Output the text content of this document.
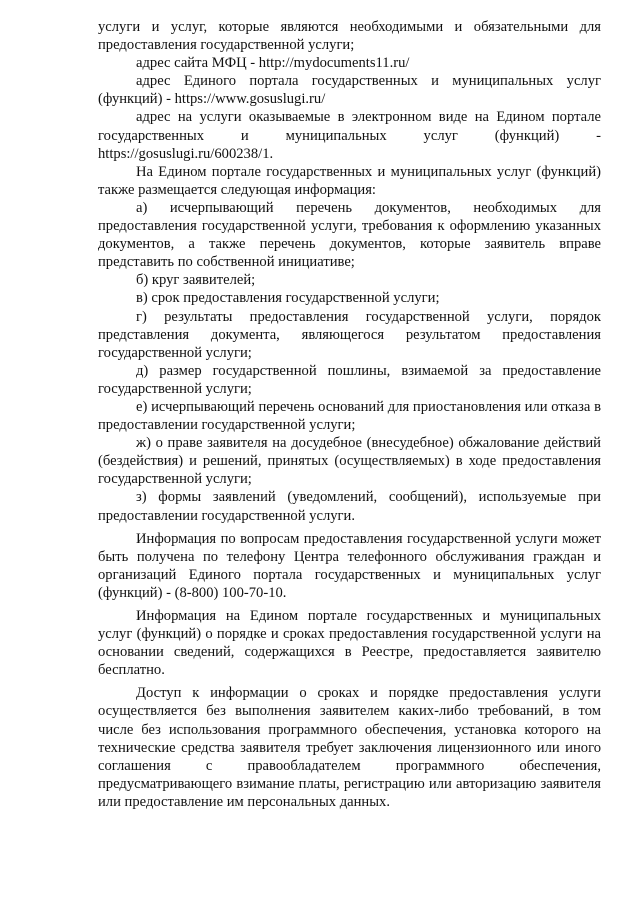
услуги и услуг, которые являются необходимыми и обязательными для предоставления государственной услуги;

адрес сайта МФЦ - http://mydocuments11.ru/

адрес Единого портала государственных и муниципальных услуг (функций) - https://www.gosuslugi.ru/

адрес на услуги оказываемые в электронном виде на Едином портале государственных и муниципальных услуг (функций) - https://gosuslugi.ru/600238/1.

На Едином портале государственных и муниципальных услуг (функций) также размещается следующая информация:

а) исчерпывающий перечень документов, необходимых для предоставления государственной услуги, требования к оформлению указанных документов, а также перечень документов, которые заявитель вправе представить по собственной инициативе;

б) круг заявителей;

в) срок предоставления государственной услуги;

г) результаты предоставления государственной услуги, порядок представления документа, являющегося результатом предоставления государственной услуги;

д) размер государственной пошлины, взимаемой за предоставление государственной услуги;

е) исчерпывающий перечень оснований для приостановления или отказа в предоставлении государственной услуги;

ж) о праве заявителя на досудебное (внесудебное) обжалование действий (бездействия) и решений, принятых (осуществляемых) в ходе предоставления государственной услуги;

з) формы заявлений (уведомлений, сообщений), используемые при предоставлении государственной услуги.

Информация по вопросам предоставления государственной услуги может быть получена по телефону Центра телефонного обслуживания граждан и организаций Единого портала государственных и муниципальных услуг (функций) - (8-800) 100-70-10.

Информация на Едином портале государственных и муниципальных услуг (функций) о порядке и сроках предоставления государственной услуги на основании сведений, содержащихся в Реестре, предоставляется заявителю бесплатно.

Доступ к информации о сроках и порядке предоставления услуги осуществляется без выполнения заявителем каких-либо требований, в том числе без использования программного обеспечения, установка которого на технические средства заявителя требует заключения лицензионного или иного соглашения с правообладателем программного обеспечения, предусматривающего взимание платы, регистрацию или авторизацию заявителя или предоставление им персональных данных.
